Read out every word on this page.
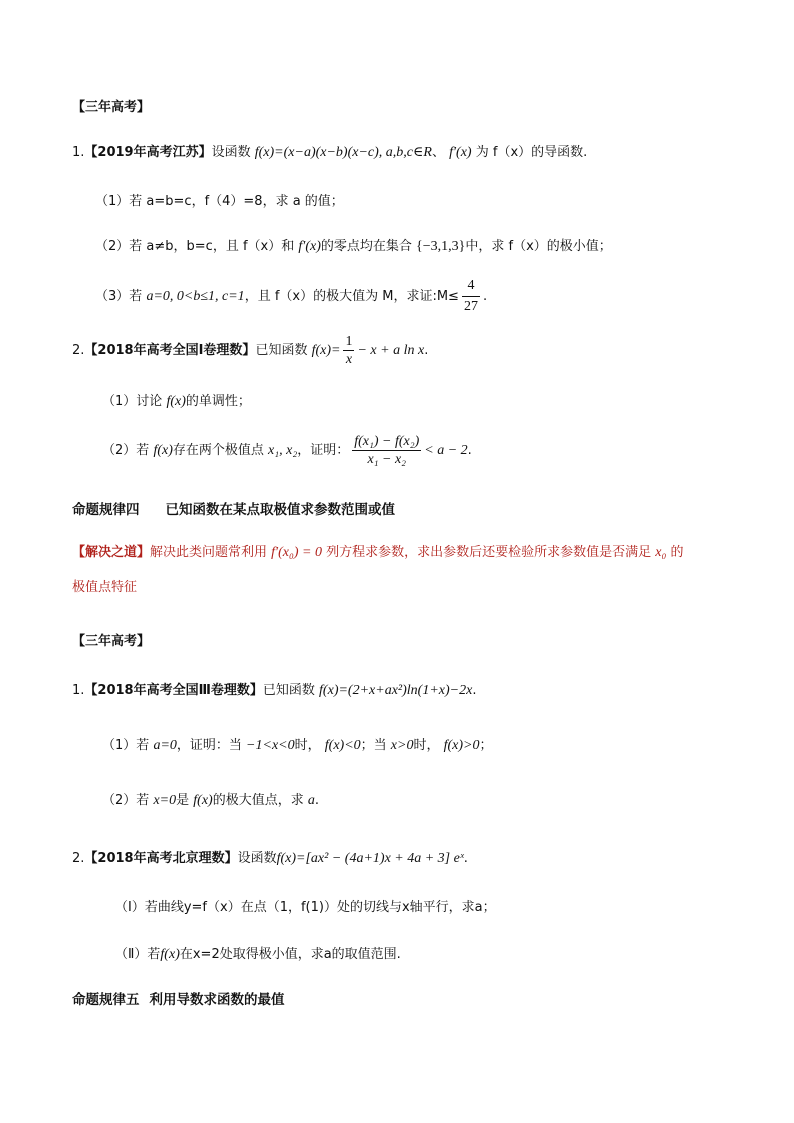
【三年高考】
1.【2019年高考江苏】设函数 f(x)=(x−a)(x−b)(x−c), a,b,c∈R、 f′(x) 为 f（x）的导函数.
（1）若 a=b=c，f（4）=8，求 a 的值；
（2）若 a≠b，b=c，且 f（x）和 f′(x)的零点均在集合 {−3,1,3}中，求 f（x）的极小值；
（3）若 a=0, 0<b≤1, c=1，且 f（x）的极大值为 M，求证:M≤ $\frac{4}{27}$ .
2.【2018年高考全国Ⅰ卷理数】已知函数 $f(x)= \frac{1}{x} - x + a$ ln x.
（1）讨论 f(x)的单调性；
（2）若 f(x)存在两个极值点 x₁, x₂，证明： $\frac{\text{f(x₁) − f(x₂)}}{\text{x₁ − x₂}} < a - 2$.
命题规律四 已知函数在某点取极值求参数范围或值
【解决之道】解决此类问题常利用 f′(x₀) = 0 列方程求参数，求出参数后还要检验所求参数值是否满足 x₀ 的
极值点特征
【三年高考】
1.【2018年高考全国Ⅲ卷理数】已知函数 f(x)=(2+x+ax²)ln(1+x)−2x.
（1）若 a=0，证明：当 −1<x<0时， f(x)<0；当 x>0时， f(x)>0；
（2）若 x=0是 f(x)的极大值点，求 a.
2.【2018年高考北京理数】设函数f(x)=[ax² − (4a+1)x + 4a + 3] eˣ.
（Ⅰ）若曲线y=f（x）在点（1，f(1)）处的切线与x轴平行，求a；
（Ⅱ）若f(x)在x=2处取得极小值，求a的取值范围.
命题规律五 利用导数求函数的最值
